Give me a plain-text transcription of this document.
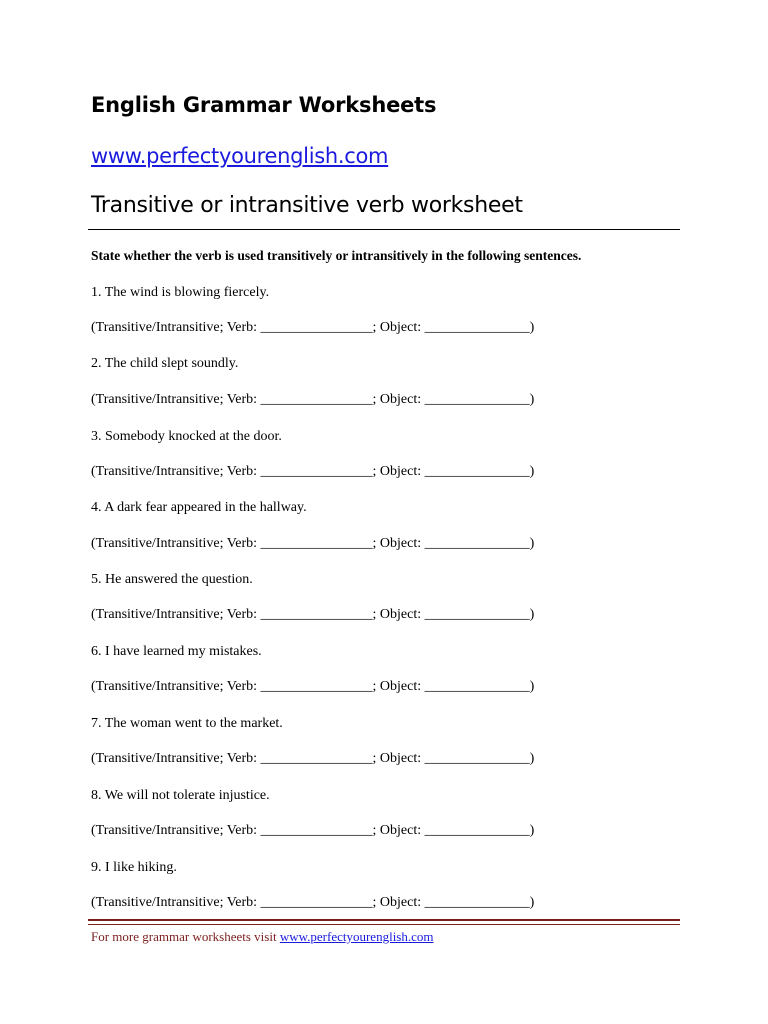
English Grammar Worksheets
www.perfectyourenglish.com
Transitive or intransitive verb worksheet
State whether the verb is used transitively or intransitively in the following sentences.
1. The wind is blowing fiercely.
(Transitive/Intransitive; Verb: ________________; Object: _______________)
2. The child slept soundly.
(Transitive/Intransitive; Verb: ________________; Object: _______________)
3. Somebody knocked at the door.
(Transitive/Intransitive; Verb: ________________; Object: _______________)
4. A dark fear appeared in the hallway.
(Transitive/Intransitive; Verb: ________________; Object: _______________)
5. He answered the question.
(Transitive/Intransitive; Verb: ________________; Object: _______________)
6. I have learned my mistakes.
(Transitive/Intransitive; Verb: ________________; Object: _______________)
7. The woman went to the market.
(Transitive/Intransitive; Verb: ________________; Object: _______________)
8. We will not tolerate injustice.
(Transitive/Intransitive; Verb: ________________; Object: _______________)
9. I like hiking.
(Transitive/Intransitive; Verb: ________________; Object: _______________)
For more grammar worksheets visit www.perfectyourenglish.com
